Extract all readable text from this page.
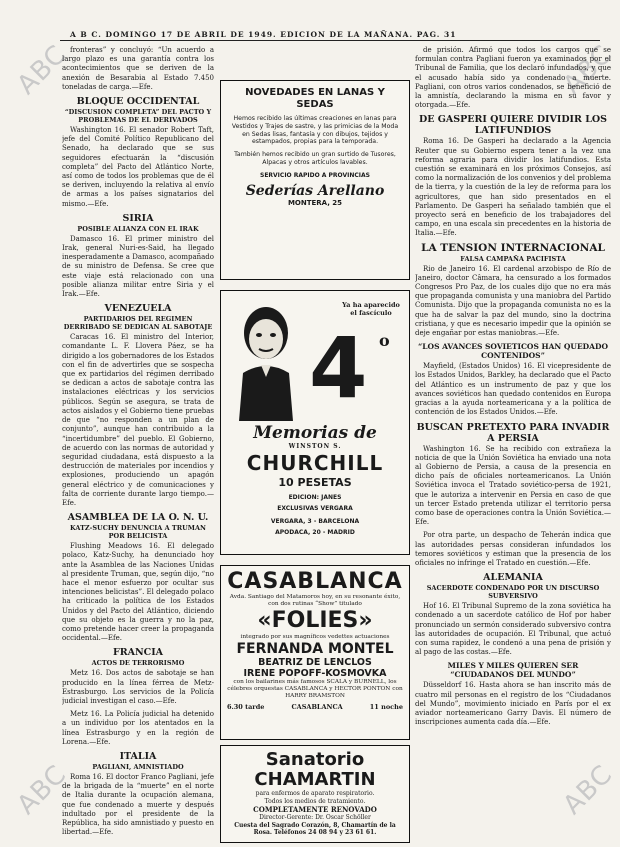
ABC
ABC
ABC
ABC
A B C. DOMINGO 17 DE ABRIL DE 1949. EDICION DE LA MAÑANA. PAG. 31

fronteras” y concluyó: “Un acuerdo a largo plazo es una garantía contra los acontecimientos que se deriven de la anexión de Besarabia al Estado 7.450 toneladas de carga.—Efe.

BLOQUE OCCIDENTAL
“DISCUSION COMPLETA” DEL PACTO Y PROBLEMAS DE EL DERIVADOS

Washington 16. El senador Robert Taft, jefe del Comité Político Republicano del Senado, ha declarado que se sus seguidores efectuarán la “discusión completa” del Pacto del Atlántico Norte, así como de todos los problemas que de él se deriven, incluyendo la relativa al envío de armas a los países signatarios del mismo.—Efe.

SIRIA
POSIBLE ALIANZA CON EL IRAK

Damasco 16. El primer ministro del Irak, general Nuri-es-Said, ha llegado inesperadamente a Damasco, acompañado de su ministro de Defensa. Se cree que este viaje está relacionado con una posible alianza militar entre Siria y el Irak.—Efe.

VENEZUELA
PARTIDARIOS DEL REGIMEN DERRIBADO SE DEDICAN AL SABOTAJE

Caracas 16. El ministro del Interior, comandante L. F. Llovera Páez, se ha dirigido a los gobernadores de los Estados con el fin de advertirles que se sospecha que ex partidarios del régimen derribado se dedican a actos de sabotaje contra las instalaciones eléctricas y los servicios públicos. Según se asegura, se trata de actos aislados y el Gobierno tiene pruebas de que “no responden a un plan de conjunto”, aunque han contribuido a la “incertidumbre” del pueblo. El Gobierno, de acuerdo con las normas de autoridad y seguridad ciudadana, está dispuesto a la destrucción de materiales por incendios y explosiones, produciendo un apagón general eléctrico y de comunicaciones y falta de corriente durante largo tiempo.—Efe.

ASAMBLEA DE LA O. N. U.
KATZ-SUCHY DENUNCIA A TRUMAN POR BELICISTA

Flushing Meadows 16. El delegado polaco, Katz-Suchy, ha denunciado hoy ante la Asamblea de las Naciones Unidas al presidente Truman, que, según dijo, “no hace el menor esfuerzo por ocultar sus intenciones belicistas”. El delegado polaco ha criticado la política de los Estados Unidos y del Pacto del Atlántico, diciendo que su objeto es la guerra y no la paz, como pretende hacer creer la propaganda occidental.—Efe.

FRANCIA
ACTOS DE TERRORISMO

Metz 16. Dos actos de sabotaje se han producido en la línea férrea de Metz-Estrasburgo. Los servicios de la Policía judicial investigan el caso.—Efe.

Metz 16. La Policía judicial ha detenido a un individuo por los atentados en la línea Estrasburgo y en la región de Lorena.—Efe.

ITALIA
PAGLIANI, AMNISTIADO

Roma 16. El doctor Franco Pagliani, jefe de la brigada de la “muerte” en el norte de Italia durante la ocupación alemana, que fue condenado a muerte y después indultado por el presidente de la República, ha sido amnistiado y puesto en libertad.—Efe.

NOVEDADES EN LANAS Y SEDAS
Hemos recibido las últimas creaciones en lanas para Vestidos y Trajes de sastre, y las primicias de la Moda en Sedas lisas, fantasía y con dibujos, tejidos y estampados, propias para la temporada.
También hemos recibido un gran surtido de Tusores, Alpacas y otros artículos lavables.
SERVICIO RAPIDO A PROVINCIAS
Sederías Arellano
MONTERA, 25
Ya ha aparecido el fascículo
4 o
Memorias de
WINSTON S.
CHURCHILL
10 PESETAS
EDICION: JANES
EXCLUSIVAS VERGARA
VERGARA, 3 - BARCELONA
APODACA, 20 - MADRID
CASABLANCA
Avda. Santiago del Matamoros hoy, en su resonante éxito, con dos rutinas “Show” titulado
«FOLIES»
integrado por sus magníficos vedettes actuaciones
FERNANDA MONTEL
BEATRIZ DE LENCLOS
IRENE POPOFF-KOSMOVKA
con los bailarines más famosos SCALA y BURNELL, los célebres orquestas CASABLANCA y HECTOR PONTON con HARRY BRAMSTON
6.30 tarde	CASABLANCA	11 noche
Sanatorio CHAMARTIN
para enfermos de aparato respiratorio.
Todos los medios de tratamiento.
COMPLETAMENTE RENOVADO
Director-Gerente: Dr. Oscar Schöller
Cuesta del Sagrado Corazón, 8, Chamartín de la Rosa. Teléfonos 24 08 94 y 23 61 61.

de prisión. Afirmó que todos los cargos que se formulan contra Pagliani fueron ya examinados por el Tribunal de Familia, que los declaró infundados, y que el acusado había sido ya condenado a muerte. Pagliani, con otros varios condenados, se benefició de la amnistía, declarando la misma en su favor y otorgada.—Efe.

DE GASPERI QUIERE DIVIDIR LOS LATIFUNDIOS

Roma 16. De Gasperi ha declarado a la Agencia Reuter que su Gobierno espera tener a la vez una reforma agraria para dividir los latifundios. Esta cuestión se examinará en los próximos Consejos, así como la normalización de los convenios y del problema de la tierra, y la cuestión de la ley de reforma para los agricultores, que han sido presentados en el Parlamento. De Gasperi ha señalado también que el proyecto será en beneficio de los trabajadores del campo, en una escala sin precedentes en la historia de Italia.—Efe.

LA TENSION INTERNACIONAL
FALSA CAMPAÑA PACIFISTA

Rio de Janeiro 16. El cardenal arzobispo de Río de Janeiro, doctor Câmara, ha censurado a los formados Congresos Pro Paz, de los cuales dijo que no era más que propaganda comunista y una maniobra del Partido Comunista. Dijo que la propaganda comunista no es la que ha de salvar la paz del mundo, sino la doctrina cristiana, y que es necesario impedir que la opinión se deje engañar por estas maniobras.—Efe.

“LOS AVANCES SOVIETICOS HAN QUEDADO CONTENIDOS”

Mayfield, (Estados Unidos) 16. El vicepresidente de los Estados Unidos, Barkley, ha declarado que el Pacto del Atlántico es un instrumento de paz y que los avances soviéticos han quedado contenidos en Europa gracias a la ayuda norteamericana y a la política de contención de los Estados Unidos.—Efe.

BUSCAN PRETEXTO PARA INVADIR A PERSIA

Washington 16. Se ha recibido con extrañeza la noticia de que la Unión Soviética ha enviado una nota al Gobierno de Persia, a causa de la presencia en dicho país de oficiales norteamericanos. La Unión Soviética invoca el Tratado soviético-persa de 1921, que le autoriza a intervenir en Persia en caso de que un tercer Estado pretenda utilizar el territorio persa como base de operaciones contra la Unión Soviética.—Efe.

Por otra parte, un despacho de Teherán indica que las autoridades persas consideran infundados los temores soviéticos y estiman que la presencia de los oficiales no infringe el Tratado en cuestión.—Efe.

ALEMANIA
SACERDOTE CONDENADO POR UN DISCURSO SUBVERSIVO

Hof 16. El Tribunal Supremo de la zona soviética ha condenado a un sacerdote católico de Hof por haber pronunciado un sermón considerado subversivo contra las autoridades de ocupación. El Tribunal, que actuó con suma rapidez, le condenó a una pena de prisión y al pago de las costas.—Efe.

MILES Y MILES QUIEREN SER “CIUDADANOS DEL MUNDO”

Düsseldorf 16. Hasta ahora se han inscrito más de cuatro mil personas en el registro de los “Ciudadanos del Mundo”, movimiento iniciado en París por el ex aviador norteamericano Garry Davis. El número de inscripciones aumenta cada día.—Efe.
